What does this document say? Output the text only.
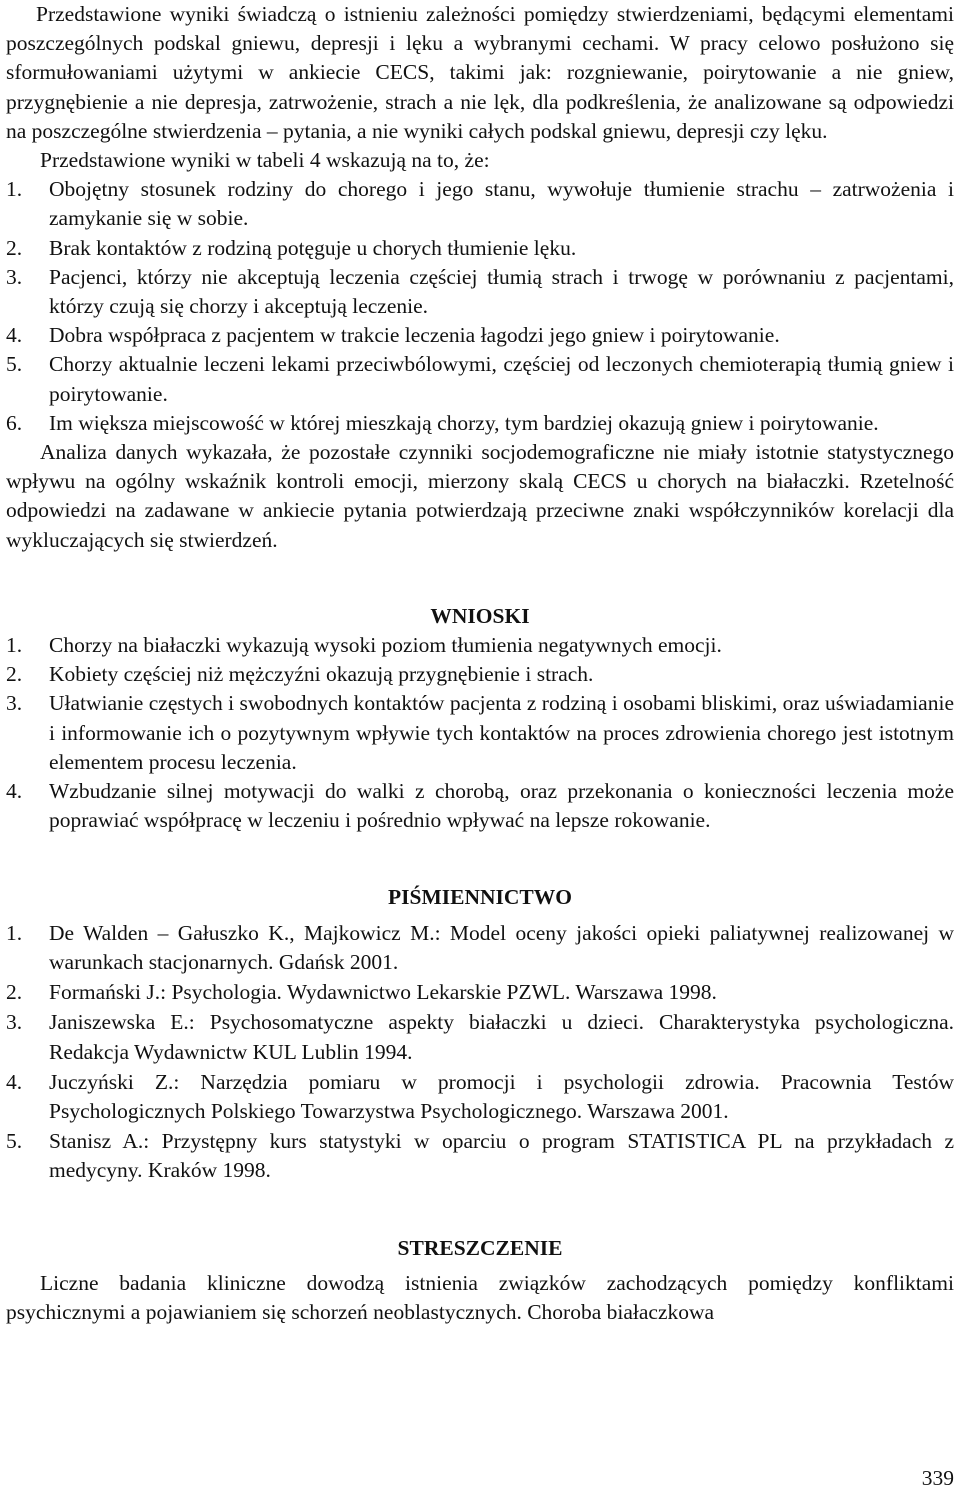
Przedstawione wyniki świadczą o istnieniu zależności pomiędzy stwierdzeniami, będącymi elementami poszczególnych podskal gniewu, depresji i lęku a wybranymi cechami. W pracy celowo posłużono się sformułowaniami użytymi w ankiecie CECS, takimi jak: rozgniewanie, poirytowanie a nie gniew, przygnębienie a nie depresja, zatrwożenie, strach a nie lęk, dla podkreślenia, że analizowane są odpowiedzi na poszczególne stwierdzenia – pytania, a nie wyniki całych podskal gniewu, depresji czy lęku.

Przedstawione wyniki w tabeli 4 wskazują na to, że:

1. Obojętny stosunek rodziny do chorego i jego stanu, wywołuje tłumienie strachu – zatrwożenia i zamykanie się w sobie.
2. Brak kontaktów z rodziną potęguje u chorych tłumienie lęku.
3. Pacjenci, którzy nie akceptują leczenia częściej tłumią strach i trwogę w porównaniu z pacjentami, którzy czują się chorzy i akceptują leczenie.
4. Dobra współpraca z pacjentem w trakcie leczenia łagodzi jego gniew i poirytowanie.
5. Chorzy aktualnie leczeni lekami przeciwbólowymi, częściej od leczonych chemioterapią tłumią gniew i poirytowanie.
6. Im większa miejscowość w której mieszkają chorzy, tym bardziej okazują gniew i poirytowanie.

Analiza danych wykazała, że pozostałe czynniki socjodemograficzne nie miały istotnie statystycznego wpływu na ogólny wskaźnik kontroli emocji, mierzony skalą CECS u chorych na białaczki. Rzetelność odpowiedzi na zadawane w ankiecie pytania potwierdzają przeciwne znaki współczynników korelacji dla wykluczających się stwierdzeń.

WNIOSKI

1. Chorzy na białaczki wykazują wysoki poziom tłumienia negatywnych emocji.
2. Kobiety częściej niż mężczyźni okazują przygnębienie i strach.
3. Ułatwianie częstych i swobodnych kontaktów pacjenta z rodziną i osobami bliskimi, oraz uświadamianie i informowanie ich o pozytywnym wpływie tych kontaktów na proces zdrowienia chorego jest istotnym elementem procesu leczenia.
4. Wzbudzanie silnej motywacji do walki z chorobą, oraz przekonania o konieczności leczenia może poprawiać współpracę w leczeniu i pośrednio wpływać na lepsze rokowanie.

PIŚMIENNICTWO

1. De Walden – Gałuszko K., Majkowicz M.: Model oceny jakości opieki paliatywnej realizowanej w warunkach stacjonarnych. Gdańsk 2001.
2. Formański J.: Psychologia. Wydawnictwo Lekarskie PZWL. Warszawa 1998.
3. Janiszewska E.: Psychosomatyczne aspekty białaczki u dzieci. Charakterystyka psychologiczna. Redakcja Wydawnictw KUL Lublin 1994.
4. Juczyński Z.: Narzędzia pomiaru w promocji i psychologii zdrowia. Pracownia Testów Psychologicznych Polskiego Towarzystwa Psychologicznego. Warszawa 2001.
5. Stanisz A.: Przystępny kurs statystyki w oparciu o program STATISTICA PL na przykładach z medycyny. Kraków 1998.

STRESZCZENIE

Liczne badania kliniczne dowodzą istnienia związków zachodzących pomiędzy konfliktami psychicznymi a pojawianiem się schorzeń neoblastycznych. Choroba białaczkowa

339
